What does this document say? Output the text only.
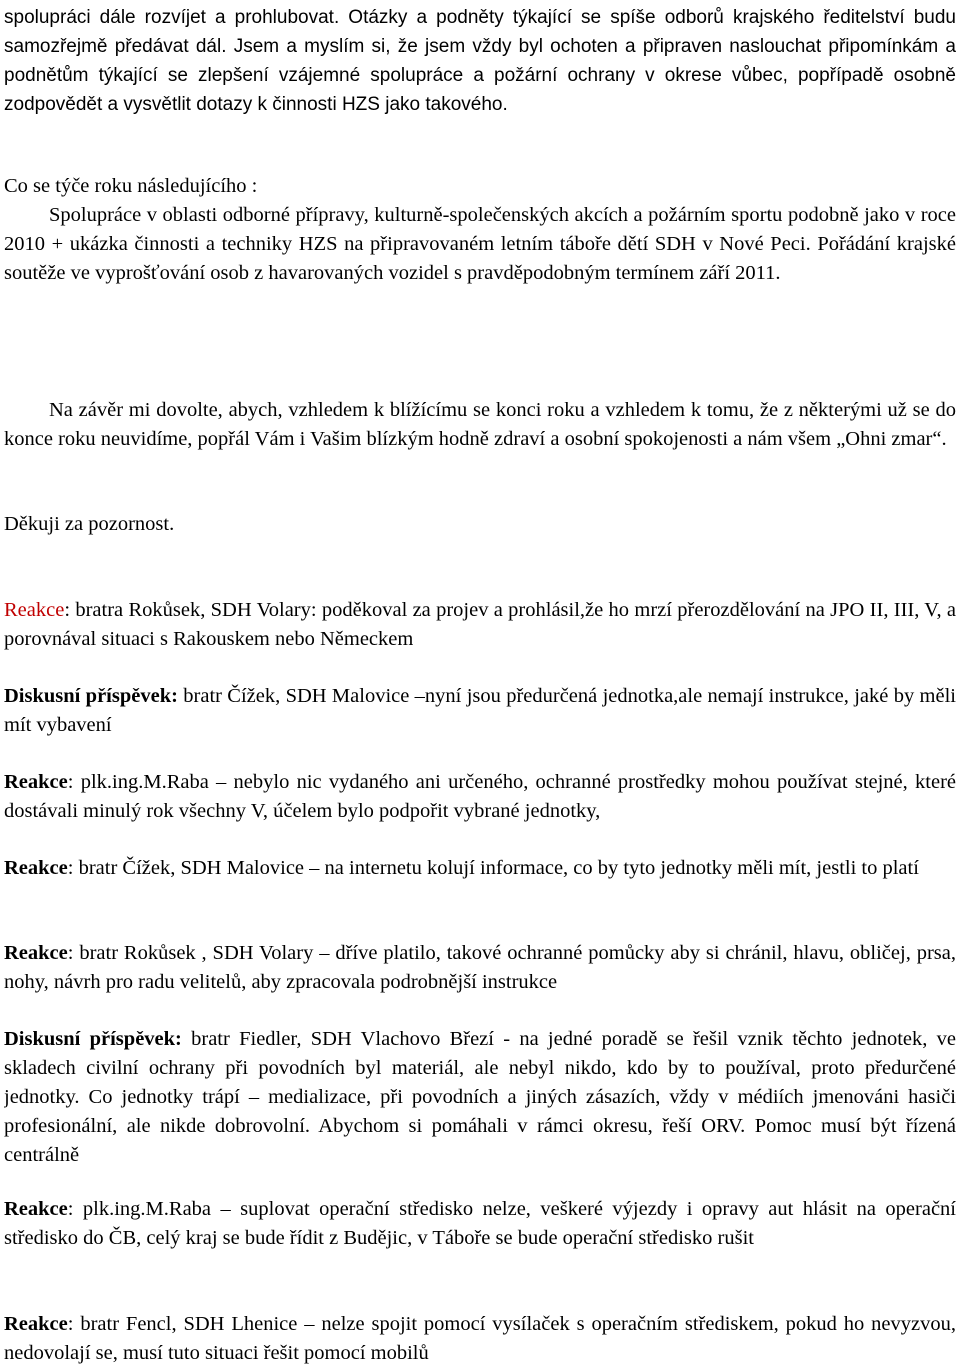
spolupráci dále rozvíjet a prohlubovat. Otázky a podněty týkající se spíše odborů krajského ředitelství budu samozřejmě předávat dál. Jsem a myslím si, že jsem vždy byl ochoten a připraven naslouchat připomínkám a podnětům týkající se zlepšení vzájemné spolupráce a požární ochrany v okrese vůbec, popřípadě osobně zodpovědět a vysvětlit dotazy k činnosti HZS jako takového.

Co se týče roku následujícího :

Spolupráce v oblasti odborné přípravy, kulturně-společenských akcích a požárním sportu podobně jako v roce 2010 + ukázka činnosti a techniky HZS na připravovaném letním táboře dětí SDH v Nové Peci. Pořádání krajské soutěže ve vyprošťování osob z havarovaných vozidel s pravděpodobným termínem září 2011.

Na závěr mi dovolte, abych, vzhledem k blížícímu se konci roku a vzhledem k tomu, že z některými už se do konce roku neuvidíme, popřál Vám i Vašim blízkým hodně zdraví a osobní spokojenosti a nám všem „Ohni zmar“.

Děkuji za pozornost.

Reakce: bratra Rokůsek, SDH Volary: poděkoval za projev a prohlásil,že ho mrzí přerozdělování na JPO II, III, V, a porovnával situaci s Rakouskem nebo Německem

Diskusní příspěvek: bratr Čížek, SDH Malovice –nyní jsou předurčená jednotka,ale nemají instrukce, jaké by měli mít vybavení

Reakce: plk.ing.M.Raba – nebylo nic vydaného ani určeného, ochranné prostředky mohou používat stejné, které dostávali minulý rok všechny V, účelem bylo podpořit vybrané jednotky,

Reakce: bratr Čížek, SDH Malovice – na internetu kolují informace, co by tyto jednotky měli mít, jestli to platí

Reakce: bratr Rokůsek , SDH Volary – dříve platilo, takové ochranné pomůcky aby si chránil, hlavu, obličej, prsa, nohy, návrh pro radu velitelů, aby zpracovala podrobnější instrukce

Diskusní příspěvek: bratr Fiedler, SDH Vlachovo Březí - na jedné poradě se řešil vznik těchto jednotek, ve skladech civilní ochrany při povodních byl materiál, ale nebyl nikdo, kdo by to používal, proto předurčené jednotky. Co jednotky trápí – medializace, při povodních a jiných zásazích, vždy v médiích jmenováni hasiči profesionální, ale nikde dobrovolní. Abychom si pomáhali v rámci okresu, řeší ORV. Pomoc musí být řízená centrálně

Reakce: plk.ing.M.Raba – suplovat operační středisko nelze, veškeré výjezdy i opravy aut hlásit na operační středisko do ČB, celý kraj se bude řídit z Budějic, v Táboře se bude operační středisko rušit

Reakce: bratr Fencl, SDH Lhenice – nelze spojit pomocí vysílaček s operačním střediskem, pokud ho nevyzvou, nedovolají se, musí tuto situaci řešit pomocí mobilů
